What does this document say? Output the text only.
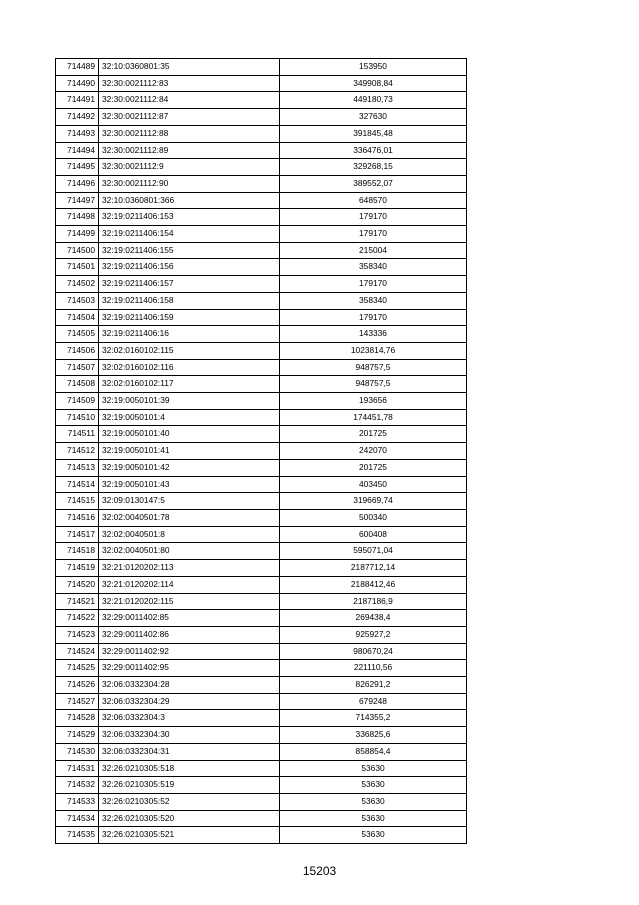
714489	32:10:0360801:35	153950
714490	32:30:0021112:83	349908,84
714491	32:30:0021112:84	449180,73
714492	32:30:0021112:87	327630
714493	32:30:0021112:88	391845,48
714494	32:30:0021112:89	336476,01
714495	32:30:0021112:9	329268,15
714496	32:30:0021112:90	389552,07
714497	32:10:0360801:366	648570
714498	32:19:0211406:153	179170
714499	32:19:0211406:154	179170
714500	32:19:0211406:155	215004
714501	32:19:0211406:156	358340
714502	32:19:0211406:157	179170
714503	32:19:0211406:158	358340
714504	32:19:0211406:159	179170
714505	32:19:0211406:16	143336
714506	32:02:0160102:115	1023814,76
714507	32:02:0160102:116	948757,5
714508	32:02:0160102:117	948757,5
714509	32:19:0050101:39	193656
714510	32:19:0050101:4	174451,78
714511	32:19:0050101:40	201725
714512	32:19:0050101:41	242070
714513	32:19:0050101:42	201725
714514	32:19:0050101:43	403450
714515	32:09:0130147:5	319669,74
714516	32:02:0040501:78	500340
714517	32:02:0040501:8	600408
714518	32:02:0040501:80	595071,04
714519	32:21:0120202:113	2187712,14
714520	32:21:0120202:114	2188412,46
714521	32:21:0120202:115	2187186,9
714522	32:29:0011402:85	269438,4
714523	32:29:0011402:86	925927,2
714524	32:29:0011402:92	980670,24
714525	32:29:0011402:95	221110,56
714526	32:06:0332304:28	826291,2
714527	32:06:0332304:29	679248
714528	32:06:0332304:3	714355,2
714529	32:06:0332304:30	336825,6
714530	32:06:0332304:31	858854,4
714531	32:26:0210305:518	53630
714532	32:26:0210305:519	53630
714533	32:26:0210305:52	53630
714534	32:26:0210305:520	53630
714535	32:26:0210305:521	53630
15203
